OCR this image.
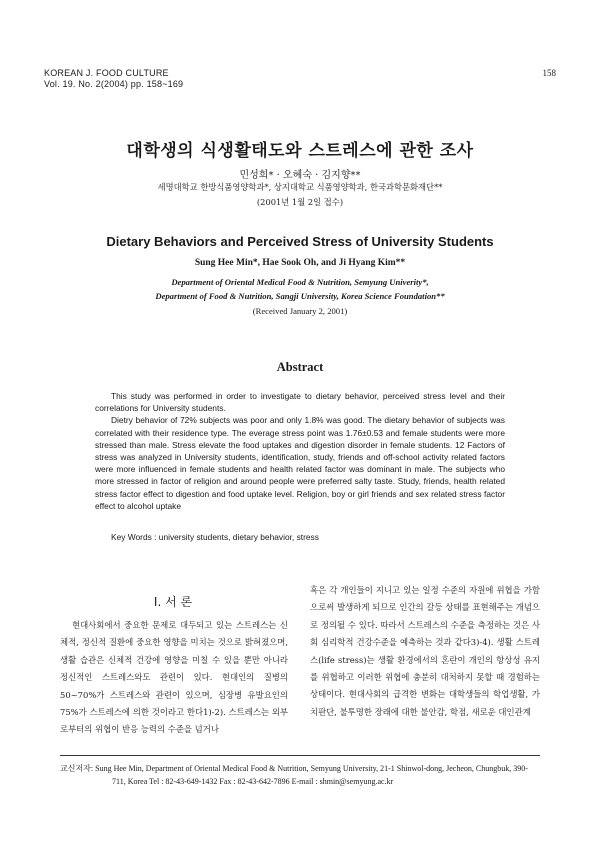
KOREAN J. FOOD CULTURE
Vol. 19. No. 2(2004) pp. 158~169
158
대학생의 식생활태도와 스트레스에 관한 조사
민성희* · 오혜숙 · 김지향**
세명대학교 한방식품영양학과*, 상지대학교 식품영양학과, 한국과학문화재단**
(2001년 1월 2일 접수)
Dietary Behaviors and Perceived Stress of University Students
Sung Hee Min*, Hae Sook Oh, and Ji Hyang Kim**
Department of Oriental Medical Food & Nutrition, Semyung Univerity*,
Department of Food & Nutrition, Sangji University, Korea Science Foundation**
(Received January 2, 2001)
Abstract

This study was performed in order to investigate to dietary behavior, perceived stress level and their correlations for University students.

Dietry behavior of 72% subjects was poor and only 1.8% was good. The dietary behavior of subjects was correlated with their residence type. The everage stress point was 1.76±0.53 and female students were more stressed than male. Stress elevate the food uptakes and digestion disorder in female students. 12 Factors of stress was analyzed in University students, identification, study, friends and off-school activity related factors were more influenced in female students and health related factor was dominant in male. The subjects who more stressed in factor of religion and around people were preferred salty taste. Study, friends, health related stress factor effect to digestion and food uptake level. Religion, boy or girl friends and sex related stress factor effect to alcohol uptake

Key Words : university students, dietary behavior, stress
I. 서 론

현대사회에서 중요한 문제로 대두되고 있는 스트레스는 신체적, 정신적 질환에 중요한 영향을 미치는 것으로 밝혀졌으며, 생활 습관은 신체적 건강에 영향을 미칠 수 있을 뿐만 아니라 정신적인 스트레스와도 관련이 있다. 현대인의 질병의 50~70%가 스트레스와 관련이 있으며, 심장병 유발요인의 75%가 스트레스에 의한 것이라고 한다1)-2). 스트레스는 외부로부터의 위협이 반응 능력의 수준을 넘거나

혹은 각 개인들이 지니고 있는 일정 수준의 자원에 위협을 가함으로써 발생하게 되므로 인간의 갈등 상태를 표현해주는 개념으로 정의될 수 있다. 따라서 스트레스의 수준을 측정하는 것은 사회 심리학적 건강수준을 예측하는 것과 같다3)-4). 생활 스트레스(life stress)는 생활 환경에서의 혼란이 개인의 항상성 유지를 위협하고 이러한 위협에 충분히 대처하지 못할 때 경험하는 상태이다. 현대사회의 급격한 변화는 대학생들의 학업생활, 가치판단, 불투명한 장래에 대한 불안감, 학점, 새로운 대인관계

교신저자: Sung Hee Min, Department of Oriental Medical Food & Nutrition, Semyung University, 21-1 Shinwol-dong, Jecheon, Chungbuk, 390-
711, Korea Tel : 82-43-649-1432 Fax : 82-43-642-7896 E-mail : shmin@semyung.ac.kr
